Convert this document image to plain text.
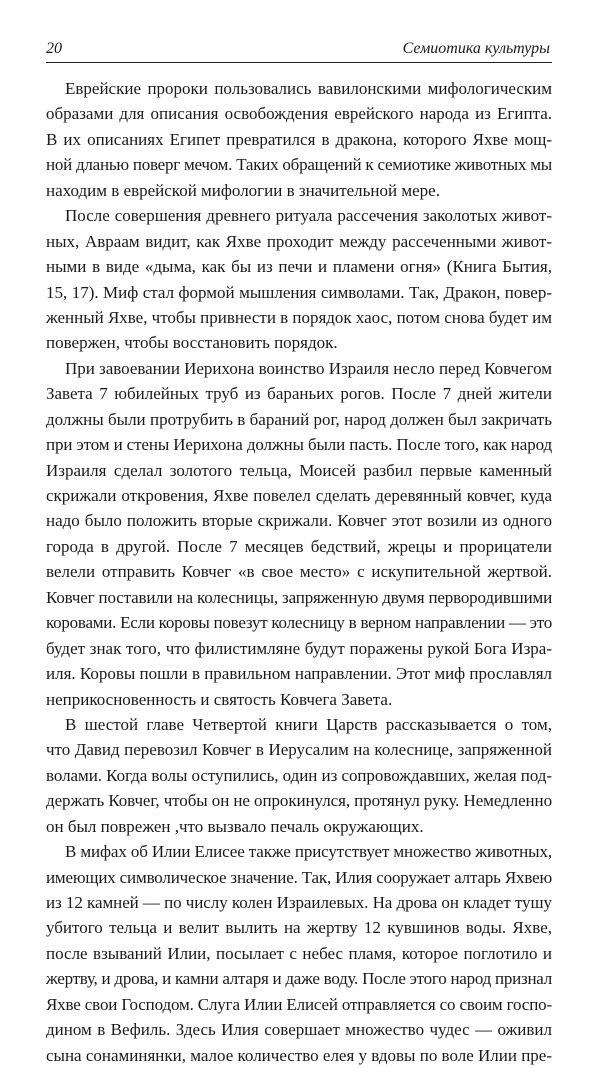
20	Семиотика культуры
Еврейские пророки пользовались вавилонскими мифологическим
образами для описания освобождения еврейского народа из Египта.
В их описаниях Египет превратился в дракона, которого Яхве мощ-
ной дланью поверг мечом. Таких обращений к семиотике животных мы
находим в еврейской мифологии в значительной мере.
После совершения древнего ритуала рассечения заколотых живот-
ных, Авраам видит, как Яхве проходит между рассеченными живот-
ными в виде «дыма, как бы из печи и пламени огня» (Книга Бытия,
15, 17). Миф стал формой мышления символами. Так, Дракон, повер-
женный Яхве, чтобы привнести в порядок хаос, потом снова будет им
повержен, чтобы восстановить порядок.
При завоевании Иерихона воинство Израиля несло перед Ковчегом
Завета 7 юбилейных труб из бараньих рогов. После 7 дней жители
должны были протрубить в бараний рог, народ должен был закричать
при этом и стены Иерихона должны были пасть. После того, как народ
Израиля сделал золотого тельца, Моисей разбил первые каменный
скрижали откровения, Яхве повелел сделать деревянный ковчег, куда
надо было положить вторые скрижали. Ковчег этот возили из одного
города в другой. После 7 месяцев бедствий, жрецы и прорицатели
велели отправить Ковчег «в свое место» с искупительной жертвой.
Ковчег поставили на колесницы, запряженную двумя первородившими
коровами. Если коровы повезут колесницу в верном направлении — это
будет знак того, что филистимляне будут поражены рукой Бога Изра-
иля. Коровы пошли в правильном направлении. Этот миф прославлял
неприкосновенность и святость Ковчега Завета.
В шестой главе Четвертой книги Царств рассказывается о том,
что Давид перевозил Ковчег в Иерусалим на колеснице, запряженной
волами. Когда волы оступились, один из сопровождавших, желая под-
держать Ковчег, чтобы он не опрокинулся, протянул руку. Немедленно
он был поврежен ,что вызвало печаль окружающих.
В мифах об Илии Елисее также присутствует множество животных,
имеющих символическое значение. Так, Илия сооружает алтарь Яхвею
из 12 камней — по числу колен Израилевых. На дрова он кладет тушу
убитого тельца и велит вылить на жертву 12 кувшинов воды. Яхве,
после взываний Илии, посылает с небес пламя, которое поглотило и
жертву, и дрова, и камни алтаря и даже воду. После этого народ признал
Яхве свои Господом. Слуга Илии Елисей отправляется со своим госпо-
дином в Вефиль. Здесь Илия совершает множество чудес — оживил
сына сонаминянки, малое количество елея у вдовы по воле Илии пре-
